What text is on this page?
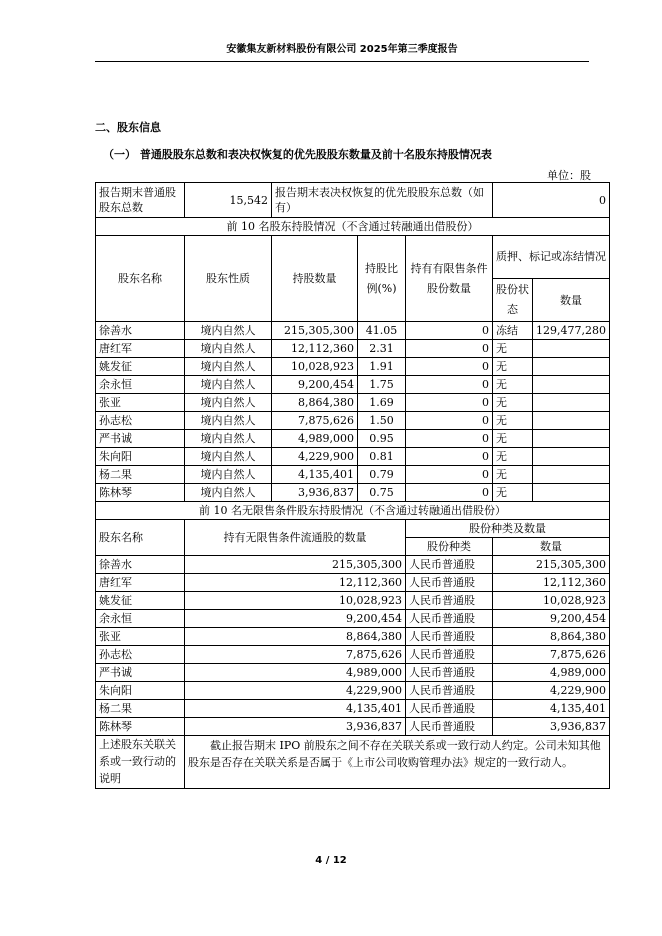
安徽集友新材料股份有限公司 2025年第三季度报告
二、股东信息
（一） 普通股股东总数和表决权恢复的优先股股东数量及前十名股东持股情况表
单位：股
报告期末普通股股东总数	15,542	报告期末表决权恢复的优先股股东总数（如有）			0	
前 10 名股东持股情况（不含通过转融通出借股份）						
股东名称	股东性质	持股数量	持股比例(%)	持有有限售条件股份数量	质押、标记或冻结情况	
					股份状态	数量
徐善水	境内自然人	215,305,300	41.05	0	冻结	129,477,280
唐红军	境内自然人	12,112,360	2.31	0	无	
姚发征	境内自然人	10,028,923	1.91	0	无	
余永恒	境内自然人	9,200,454	1.75	0	无	
张亚	境内自然人	8,864,380	1.69	0	无	
孙志松	境内自然人	7,875,626	1.50	0	无	
严书诚	境内自然人	4,989,000	0.95	0	无	
朱向阳	境内自然人	4,229,900	0.81	0	无	
杨二果	境内自然人	4,135,401	0.79	0	无	
陈林琴	境内自然人	3,936,837	0.75	0	无	
前 10 名无限售条件股东持股情况（不含通过转融通出借股份）						
股东名称	持有无限售条件流通股的数量			股份种类及数量		
				股份种类	数量	
徐善水	215,305,300			人民币普通股	215,305,300	
唐红军	12,112,360			人民币普通股	12,112,360	
姚发征	10,028,923			人民币普通股	10,028,923	
余永恒	9,200,454			人民币普通股	9,200,454	
张亚	8,864,380			人民币普通股	8,864,380	
孙志松	7,875,626			人民币普通股	7,875,626	
严书诚	4,989,000			人民币普通股	4,989,000	
朱向阳	4,229,900			人民币普通股	4,229,900	
杨二果	4,135,401			人民币普通股	4,135,401	
陈林琴	3,936,837			人民币普通股	3,936,837	
上述股东关联关系或一致行动的说明	截止报告期末 IPO 前股东之间不存在关联关系或一致行动人约定。公司未知其他股东是否存在关联关系是否属于《上市公司收购管理办法》规定的一致行动人。					
4 / 12
